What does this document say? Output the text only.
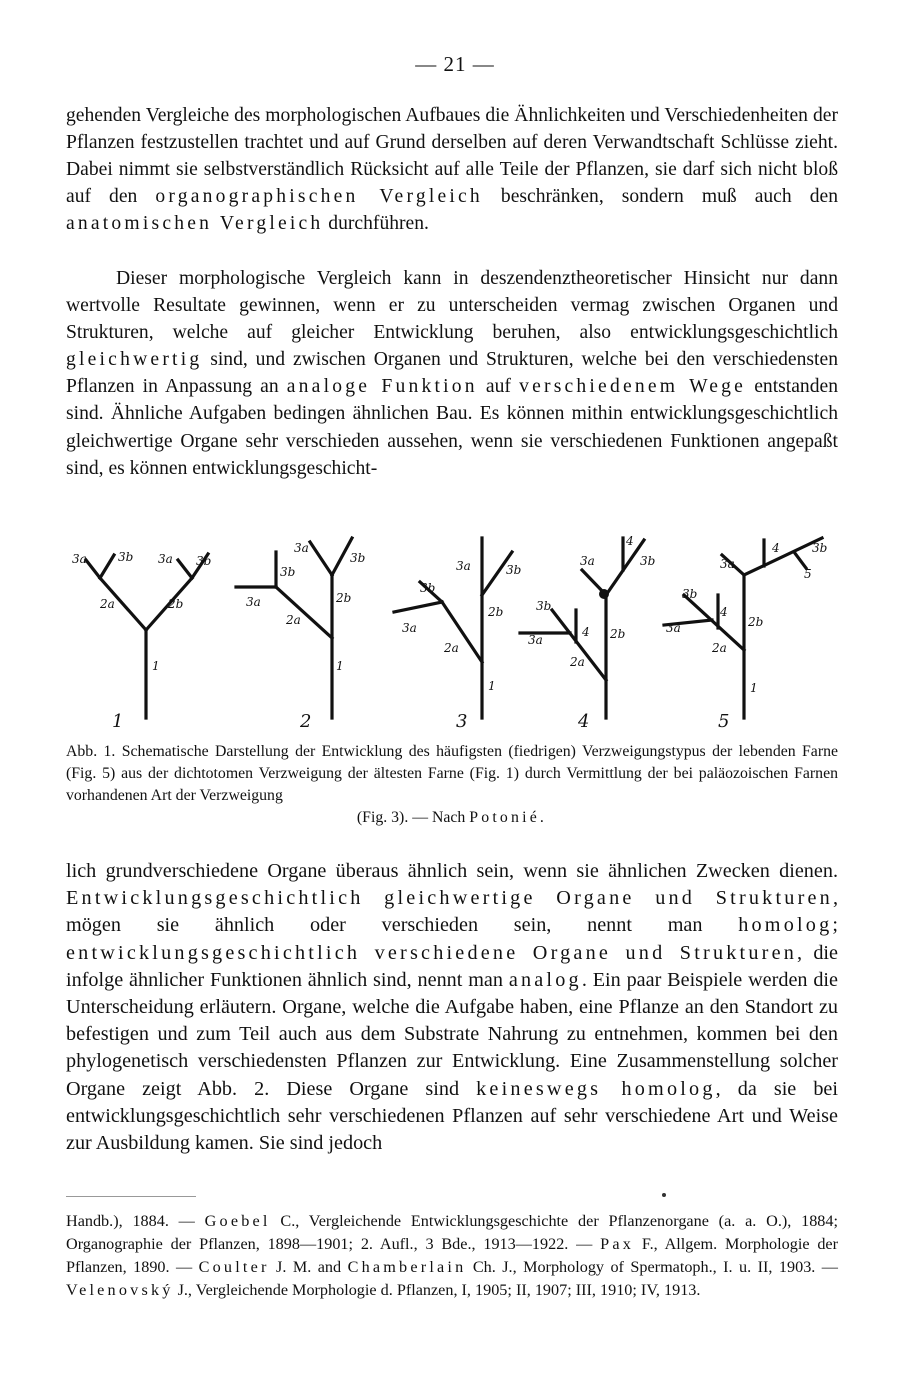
— 21 —

gehenden Vergleiche des morphologischen Aufbaues die Ähnlichkeiten und Verschiedenheiten der Pflanzen festzustellen trachtet und auf Grund derselben auf deren Verwandtschaft Schlüsse zieht. Dabei nimmt sie selbstverständlich Rücksicht auf alle Teile der Pflanzen, sie darf sich nicht bloß auf den organographischen Vergleich beschränken, sondern muß auch den anatomischen Vergleich durchführen.

Dieser morphologische Vergleich kann in deszendenztheoretischer Hinsicht nur dann wertvolle Resultate gewinnen, wenn er zu unterscheiden vermag zwischen Organen und Strukturen, welche auf gleicher Entwicklung beruhen, also entwicklungsgeschichtlich gleichwertig sind, und zwischen Organen und Strukturen, welche bei den verschiedensten Pflanzen in Anpassung an analoge Funktion auf verschiedenem Wege entstanden sind. Ähnliche Aufgaben bedingen ähnlichen Bau. Es können mithin entwicklungsgeschichtlich gleichwertige Organe sehr verschieden aussehen, wenn sie verschiedenen Funktionen angepaßt sind, es können entwicklungsgeschicht-

3a	3b 3a 3b
2a	2b
1
1
3a
3b
3b
2b
3a
2a
1
2
3a	3b
3b
2b
3a
2a
1
3
3a
4
3b
3b
4 2b
3a
2a
4
3a
4	3b
5
3b
4
2b
3a
2a
1
5

Abb. 1. Schematische Darstellung der Entwicklung des häufigsten (fiedrigen) Verzweigungstypus der lebenden Farne (Fig. 5) aus der dichtotomen Verzweigung der ältesten Farne (Fig. 1) durch Vermittlung der bei paläozoischen Farnen vorhandenen Art der Verzweigung
(Fig. 3). — Nach Potonié.

lich grundverschiedene Organe überaus ähnlich sein, wenn sie ähnlichen Zwecken dienen. Entwicklungsgeschichtlich gleichwertige Organe und Strukturen, mögen sie ähnlich oder verschieden sein, nennt man homolog; entwicklungsgeschichtlich verschiedene Organe und Strukturen, die infolge ähnlicher Funktionen ähnlich sind, nennt man analog. Ein paar Beispiele werden die Unterscheidung erläutern. Organe, welche die Aufgabe haben, eine Pflanze an den Standort zu befestigen und zum Teil auch aus dem Substrate Nahrung zu entnehmen, kommen bei den phylogenetisch verschiedensten Pflanzen zur Entwicklung. Eine Zusammenstellung solcher Organe zeigt Abb. 2. Diese Organe sind keineswegs homolog, da sie bei entwicklungsgeschichtlich sehr verschiedenen Pflanzen auf sehr verschiedene Art und Weise zur Ausbildung kamen. Sie sind jedoch

Handb.), 1884. — Goebel C., Vergleichende Entwicklungsgeschichte der Pflanzenorgane (a. a. O.), 1884; Organographie der Pflanzen, 1898—1901; 2. Aufl., 3 Bde., 1913—1922. — Pax F., Allgem. Morphologie der Pflanzen, 1890. — Coulter J. M. and Chamberlain Ch. J., Morphology of Spermatoph., I. u. II, 1903. — Velenovský J., Vergleichende Morphologie d. Pflanzen, I, 1905; II, 1907; III, 1910; IV, 1913.
